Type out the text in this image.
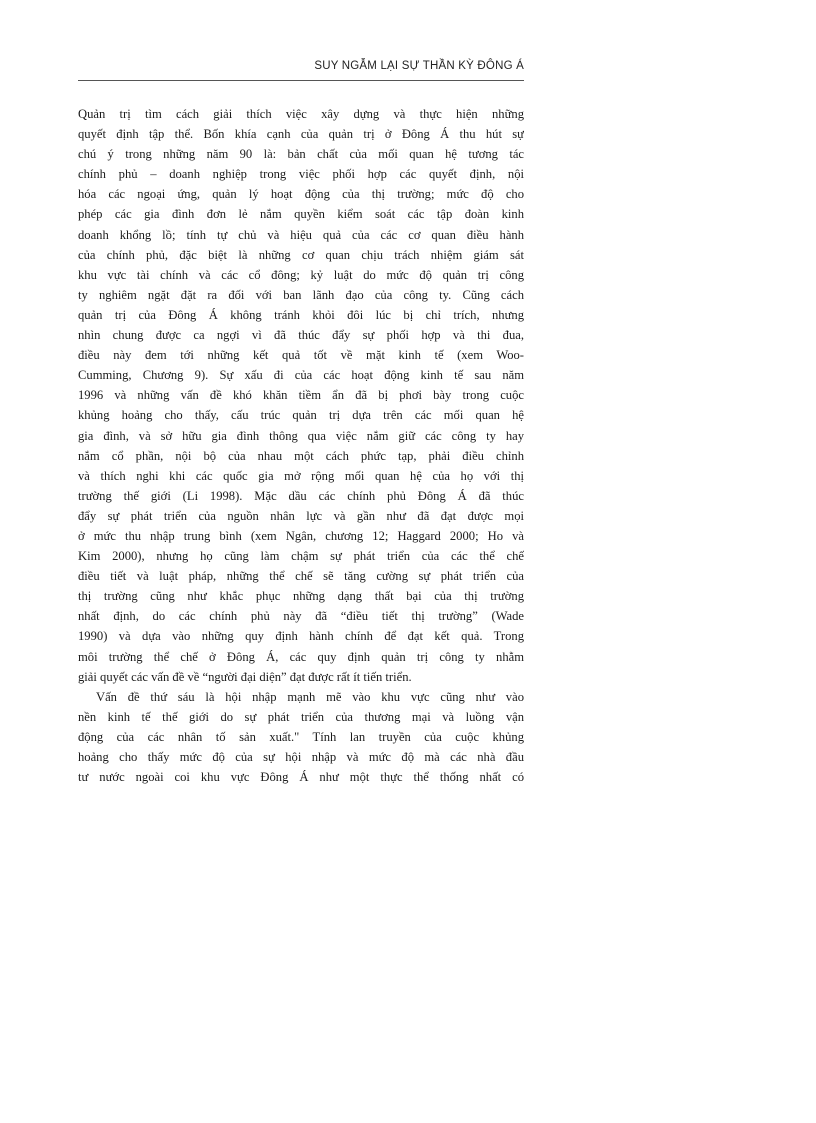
SUY NGẪM LẠI SỰ THẦN KỲ ĐÔNG Á
Quản trị tìm cách giải thích việc xây dựng và thực hiện những
quyết định tập thể. Bốn khía cạnh của quản trị ở Đông Á thu hút sự
chú ý trong những năm 90 là: bản chất của mối quan hệ tương tác
chính phủ – doanh nghiệp trong việc phối hợp các quyết định, nội
hóa các ngoại ứng, quản lý hoạt động của thị trường; mức độ cho
phép các gia đình đơn lẻ nắm quyền kiểm soát các tập đoàn kinh
doanh khổng lồ; tính tự chủ và hiệu quả của các cơ quan điều hành
của chính phủ, đặc biệt là những cơ quan chịu trách nhiệm giám sát
khu vực tài chính và các cổ đông; kỷ luật do mức độ quản trị công
ty nghiêm ngặt đặt ra đối với ban lãnh đạo của công ty. Cũng cách
quản trị của Đông Á không tránh khỏi đôi lúc bị chỉ trích, nhưng
nhìn chung được ca ngợi vì đã thúc đẩy sự phối hợp và thi đua,
điều này đem tới những kết quả tốt về mặt kinh tế (xem Woo-
Cumming, Chương 9). Sự xấu đi của các hoạt động kinh tế sau năm
1996 và những vấn đề khó khăn tiềm ẩn đã bị phơi bày trong cuộc
khủng hoảng cho thấy, cấu trúc quản trị dựa trên các mối quan hệ
gia đình, và sở hữu gia đình thông qua việc nắm giữ các công ty hay
nắm cổ phần, nội bộ của nhau một cách phức tạp, phải điều chỉnh
và thích nghi khi các quốc gia mở rộng mối quan hệ của họ với thị
trường thế giới (Li 1998). Mặc dầu các chính phủ Đông Á đã thúc
đẩy sự phát triển của nguồn nhân lực và gần như đã đạt được mọi
ở mức thu nhập trung bình (xem Ngân, chương 12; Haggard 2000; Ho và
Kim 2000), nhưng họ cũng làm chậm sự phát triển của các thể chế
điều tiết và luật pháp, những thể chế sẽ tăng cường sự phát triển của
thị trường cũng như khắc phục những dạng thất bại của thị trường
nhất định, do các chính phủ này đã “điều tiết thị trường” (Wade
1990) và dựa vào những quy định hành chính để đạt kết quả. Trong
môi trường thể chế ở Đông Á, các quy định quản trị công ty nhằm
giải quyết các vấn đề về “người đại diện” đạt được rất ít tiến triển.
Vấn đề thứ sáu là hội nhập mạnh mẽ vào khu vực cũng như vào
nền kinh tế thế giới do sự phát triển của thương mại và luồng vận
động của các nhân tố sản xuất." Tính lan truyền của cuộc khủng
hoảng cho thấy mức độ của sự hội nhập và mức độ mà các nhà đầu
tư nước ngoài coi khu vực Đông Á như một thực thể thống nhất có
